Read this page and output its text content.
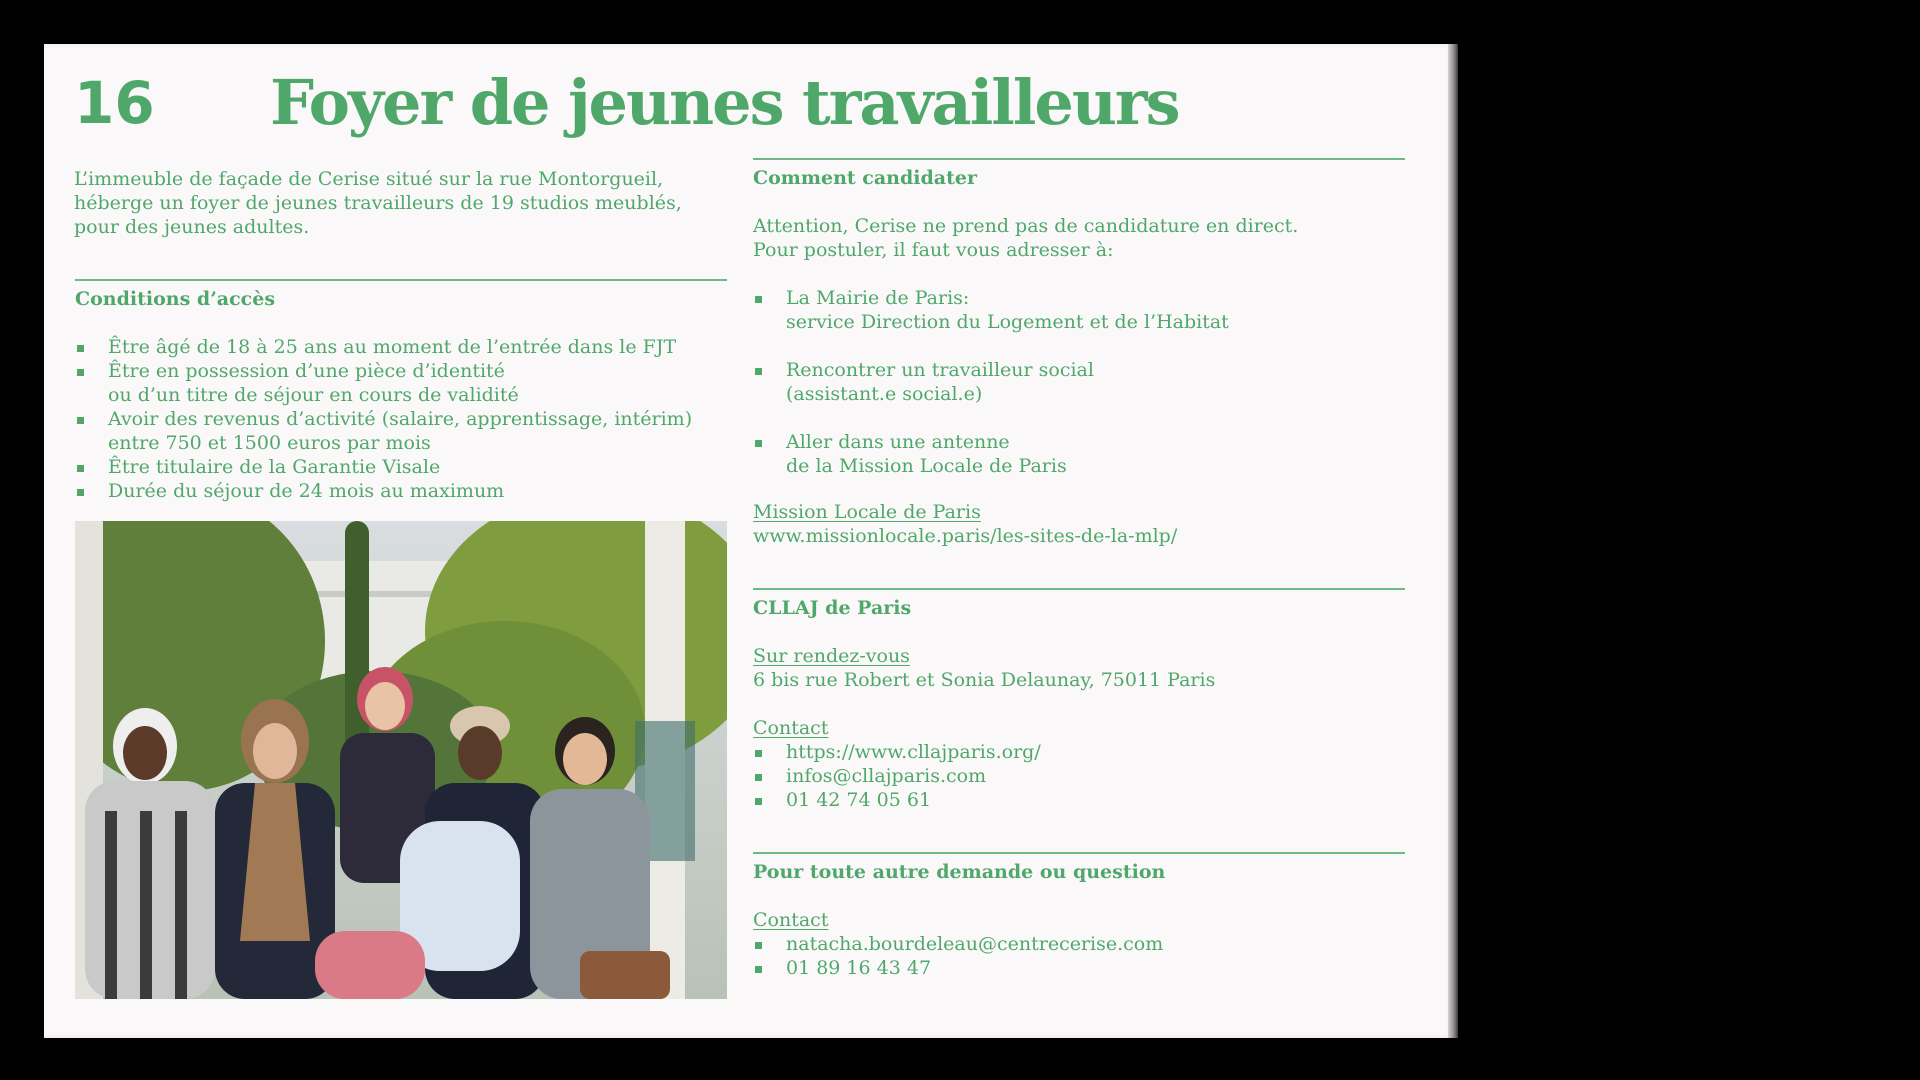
16 Foyer de jeunes travailleurs

L’immeuble de façade de Cerise situé sur la rue Montorgueil,
héberge un foyer de jeunes travailleurs de 19 studios meublés,
pour des jeunes adultes.

Conditions d’accès
Être âgé de 18 à 25 ans au moment de l’entrée dans le FJT
Être en possession d’une pièce d’identité
ou d’un titre de séjour en cours de validité
Avoir des revenus d’activité (salaire, apprentissage, intérim)
entre 750 et 1500 euros par mois
Être titulaire de la Garantie Visale
Durée du séjour de 24 mois au maximum
Comment candidater

Attention, Cerise ne prend pas de candidature en direct.
Pour postuler, il faut vous adresser à:

La Mairie de Paris:
service Direction du Logement et de l’Habitat
Rencontrer un travailleur social
(assistant.e social.e)
Aller dans une antenne
de la Mission Locale de Paris

Mission Locale de Paris
www.missionlocale.paris/les-sites-de-la-mlp/

CLLAJ de Paris

Sur rendez-vous
6 bis rue Robert et Sonia Delaunay, 75011 Paris

Contact

https://www.cllajparis.org/
infos@cllajparis.com
01 42 74 05 61
Pour toute autre demande ou question

Contact

natacha.bourdeleau@centrecerise.com
01 89 16 43 47
